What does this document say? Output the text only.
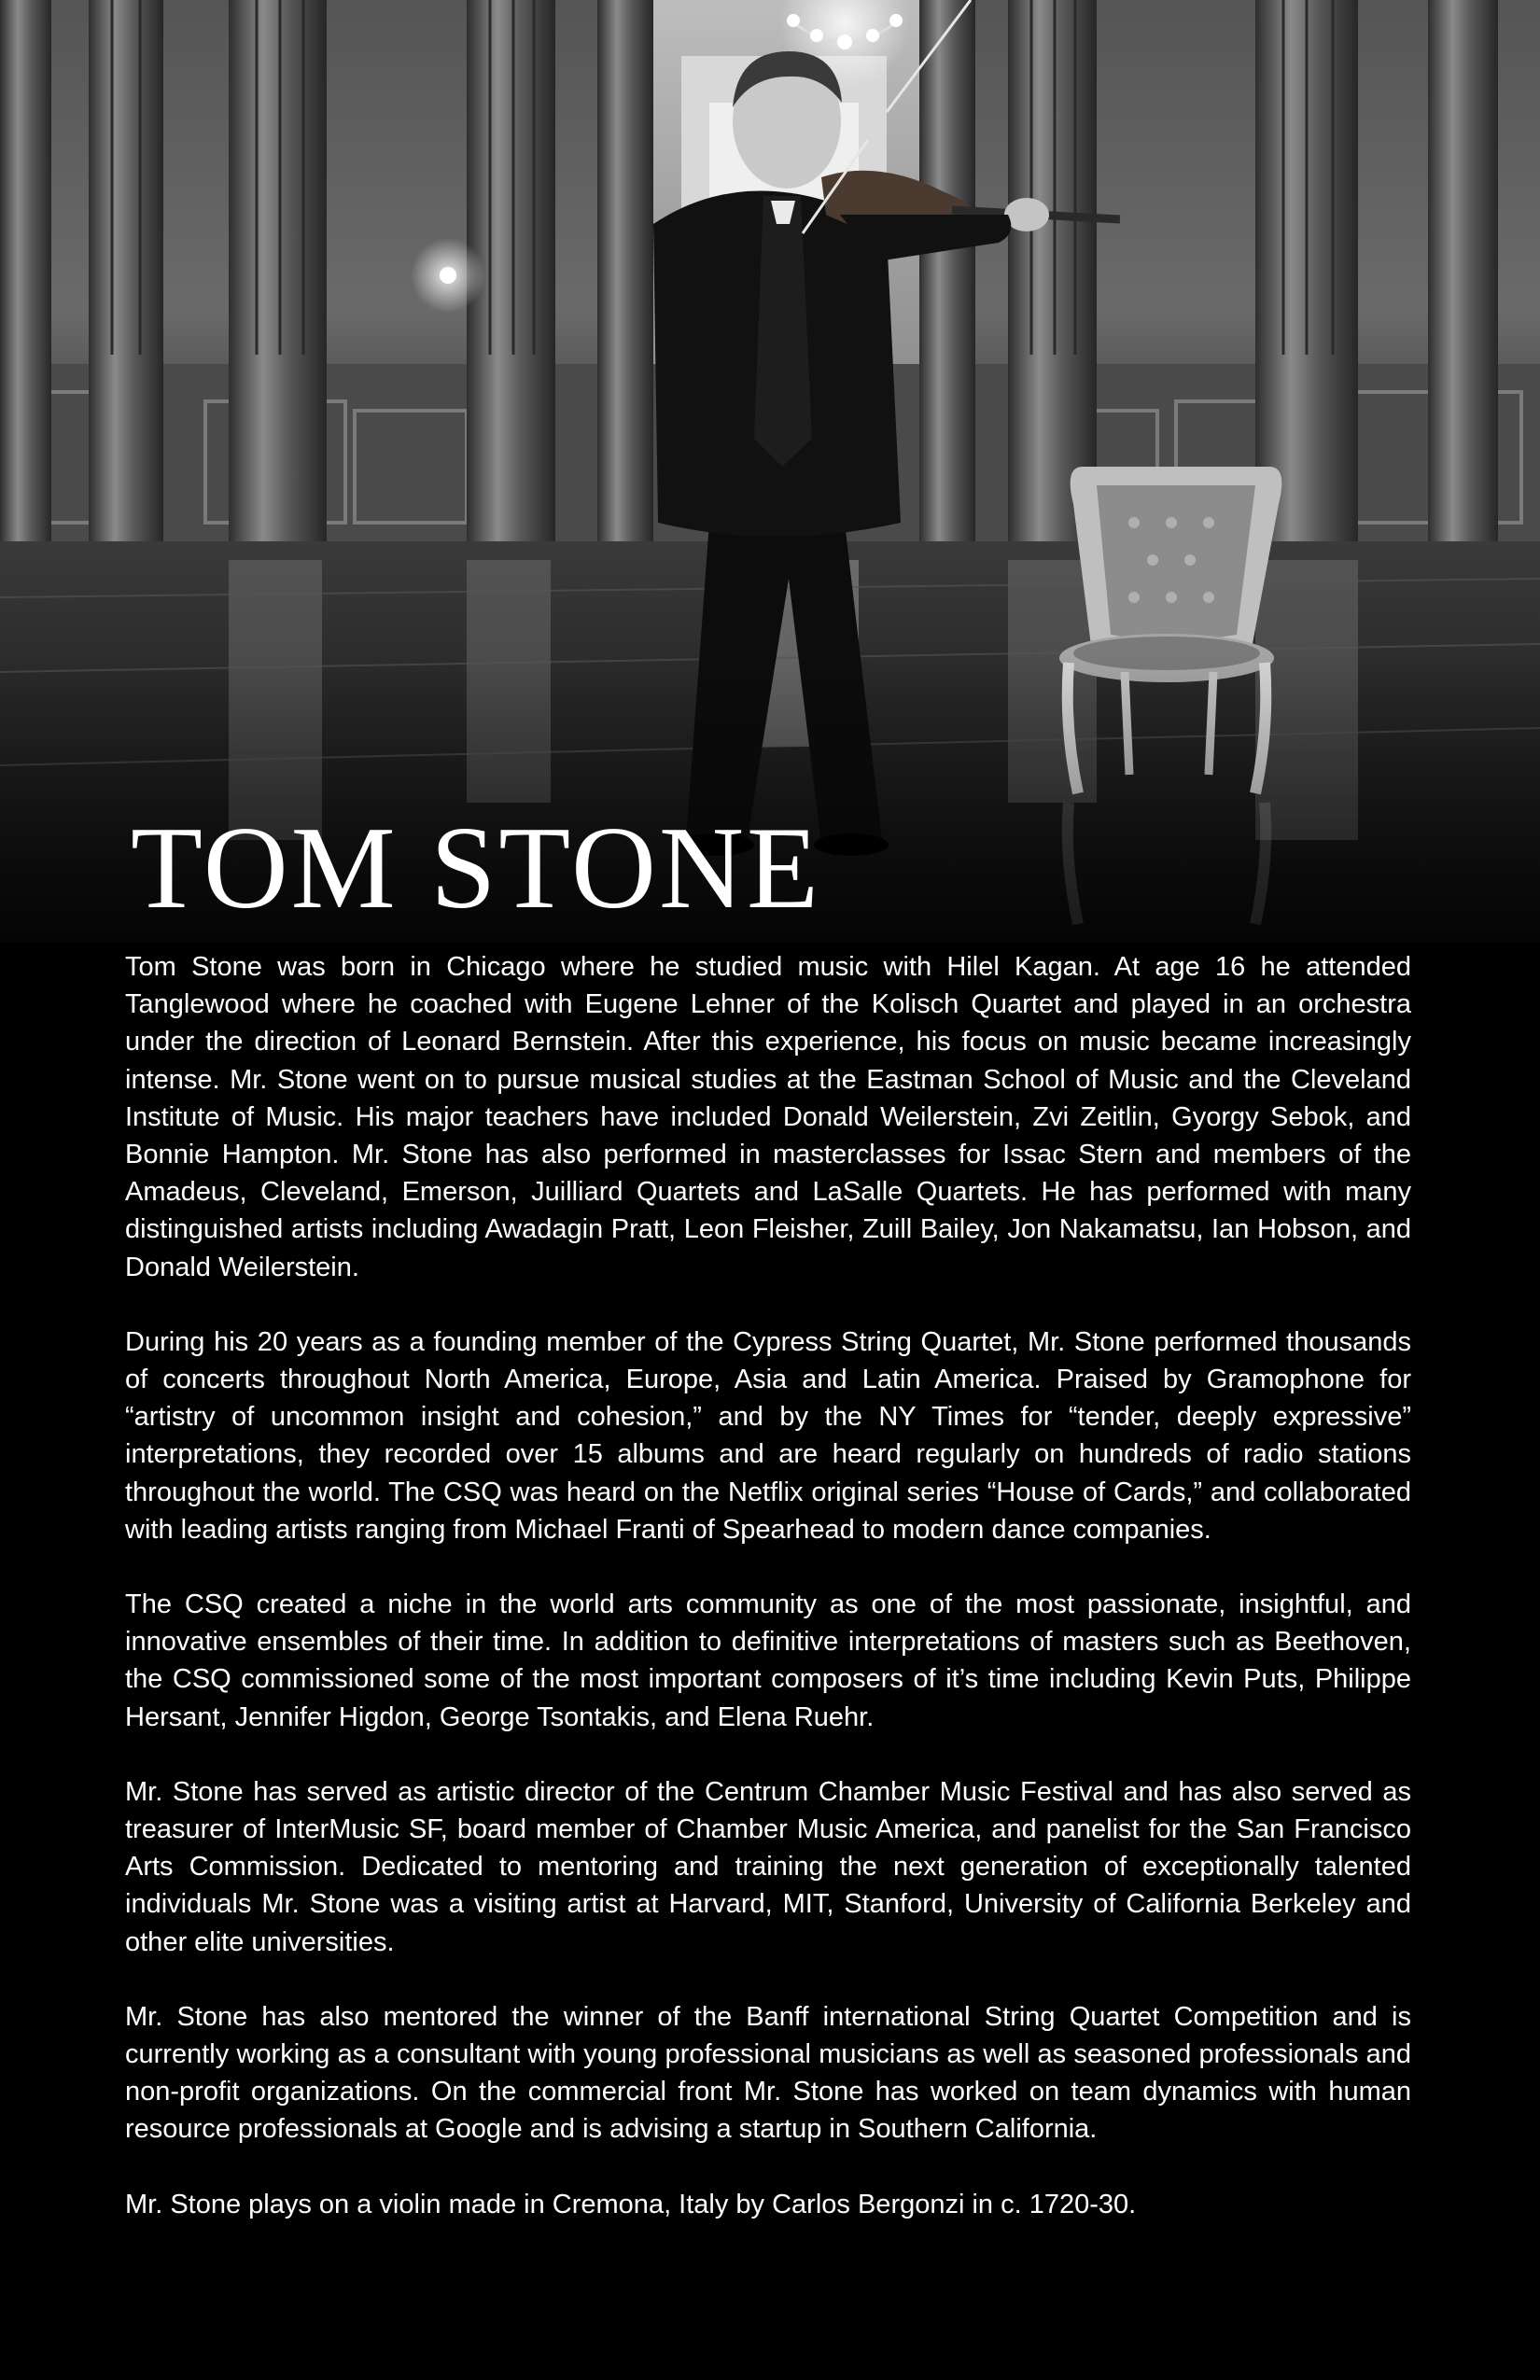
TOM STONE

Tom Stone was born in Chicago where he studied music with Hilel Kagan. At age 16 he attended Tanglewood where he coached with Eugene Lehner of the Kolisch Quartet and played in an orchestra under the direction of Leonard Bernstein. After this experience, his focus on music became increasingly intense. Mr. Stone went on to pursue musical studies at the Eastman School of Music and the Cleveland Institute of Music. His major teachers have included Donald Weilerstein, Zvi Zeitlin, Gyorgy Sebok, and Bonnie Hampton. Mr. Stone has also performed in masterclasses for Issac Stern and members of the Amadeus, Cleveland, Emerson, Juilliard Quartets and LaSalle Quartets. He has performed with many distinguished artists including Awadagin Pratt, Leon Fleisher, Zuill Bailey, Jon Nakamatsu, Ian Hobson, and Donald Weilerstein.

During his 20 years as a founding member of the Cypress String Quartet, Mr. Stone performed thousands of concerts throughout North America, Europe, Asia and Latin America. Praised by Gramophone for “artistry of uncommon insight and cohesion,” and by the NY Times for “tender, deeply expressive” interpretations, they recorded over 15 albums and are heard regularly on hundreds of radio stations throughout the world. The CSQ was heard on the Netflix original series “House of Cards,” and collaborated with leading artists ranging from Michael Franti of Spearhead to modern dance companies.

The CSQ created a niche in the world arts community as one of the most passionate, insightful, and innovative ensembles of their time. In addition to definitive interpretations of masters such as Beethoven, the CSQ commissioned some of the most important composers of it’s time including Kevin Puts, Philippe Hersant, Jennifer Higdon, George Tsontakis, and Elena Ruehr.

Mr. Stone has served as artistic director of the Centrum Chamber Music Festival and has also served as treasurer of InterMusic SF, board member of Chamber Music America, and panelist for the San Francisco Arts Commission. Dedicated to mentoring and training the next generation of exceptionally talented individuals Mr. Stone was a visiting artist at Harvard, MIT, Stanford, University of California Berkeley and other elite universities.

Mr. Stone has also mentored the winner of the Banff international String Quartet Competition and is currently working as a consultant with young professional musicians as well as seasoned professionals and non-profit organizations. On the commercial front Mr. Stone has worked on team dynamics with human resource professionals at Google and is advising a startup in Southern California.

Mr. Stone plays on a violin made in Cremona, Italy by Carlos Bergonzi in c. 1720-30.
